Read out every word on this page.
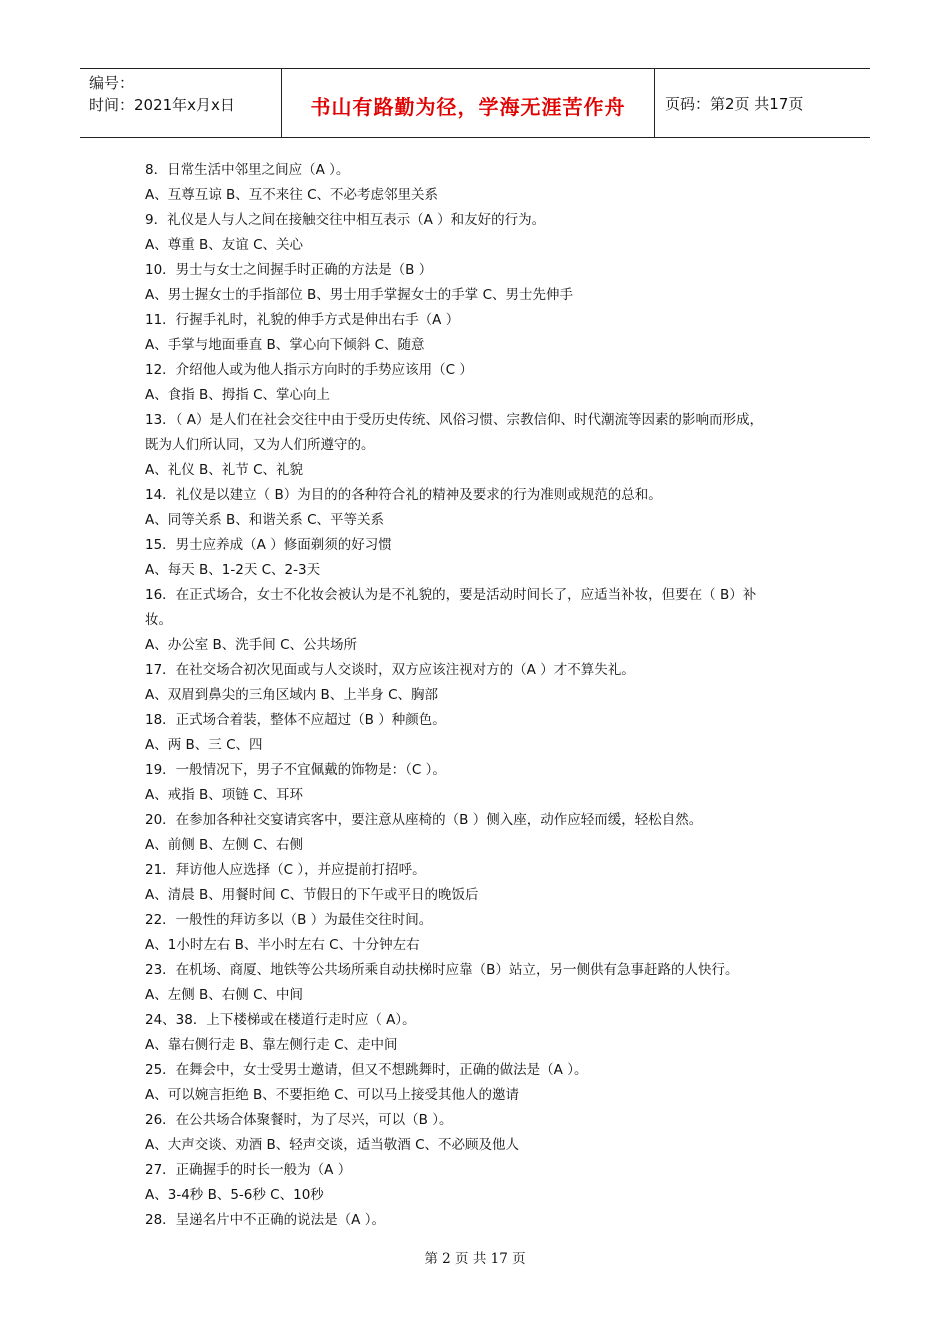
编号：
时间：2021年x月x日	书山有路勤为径，学海无涯苦作舟	页码：第2页 共17页
8．日常生活中邻里之间应（A ）。
A、互尊互谅 B、互不来往 C、不必考虑邻里关系
9．礼仪是人与人之间在接触交往中相互表示（A ）和友好的行为。
A、尊重 B、友谊 C、关心
10．男士与女士之间握手时正确的方法是（B ）
A、男士握女士的手指部位 B、男士用手掌握女士的手掌 C、男士先伸手
11．行握手礼时，礼貌的伸手方式是伸出右手（A ）
A、手掌与地面垂直 B、掌心向下倾斜 C、随意
12．介绍他人或为他人指示方向时的手势应该用（C ）
A、食指 B、拇指 C、掌心向上
13．（ A）是人们在社会交往中由于受历史传统、风俗习惯、宗教信仰、时代潮流等因素的影响而形成，
既为人们所认同，又为人们所遵守的。
A、礼仪 B、礼节 C、礼貌
14．礼仪是以建立（ B）为目的的各种符合礼的精神及要求的行为准则或规范的总和。
A、同等关系 B、和谐关系 C、平等关系
15．男士应养成（A ）修面剃须的好习惯
A、每天 B、1-2天 C、2-3天
16．在正式场合，女士不化妆会被认为是不礼貌的，要是活动时间长了，应适当补妆，但要在（ B）补
妆。
A、办公室 B、洗手间 C、公共场所
17．在社交场合初次见面或与人交谈时，双方应该注视对方的（A ）才不算失礼。
A、双眉到鼻尖的三角区域内 B、上半身 C、胸部
18．正式场合着装，整体不应超过（B ）种颜色。
A、两 B、三 C、四
19．一般情况下，男子不宜佩戴的饰物是：（C ）。
A、戒指 B、项链 C、耳环
20．在参加各种社交宴请宾客中，要注意从座椅的（B ）侧入座，动作应轻而缓，轻松自然。
A、前侧 B、左侧 C、右侧
21．拜访他人应选择（C ），并应提前打招呼。
A、清晨 B、用餐时间 C、节假日的下午或平日的晚饭后
22．一般性的拜访多以（B ）为最佳交往时间。
A、1小时左右 B、半小时左右 C、十分钟左右
23．在机场、商厦、地铁等公共场所乘自动扶梯时应靠（B）站立，另一侧供有急事赶路的人快行。
A、左侧 B、右侧 C、中间
24、38．上下楼梯或在楼道行走时应（ A）。
A、靠右侧行走 B、靠左侧行走 C、走中间
25．在舞会中，女士受男士邀请，但又不想跳舞时，正确的做法是（A ）。
A、可以婉言拒绝 B、不要拒绝 C、可以马上接受其他人的邀请
26．在公共场合体聚餐时，为了尽兴，可以（B ）。
A、大声交谈、劝酒 B、轻声交谈，适当敬酒 C、不必顾及他人
27．正确握手的时长一般为（A ）
A、3-4秒 B、5-6秒 C、10秒
28．呈递名片中不正确的说法是（A ）。
第 2 页 共 17 页
